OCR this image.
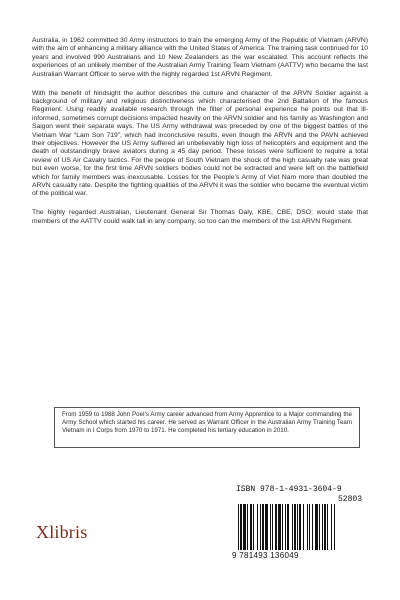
Australia, in 1962 committed 30 Army instructors to train the emerging Army of the Republic of Vietnam (ARVN) with the aim of enhancing a military alliance with the United States of America. The training task continued for 10 years and involved 990 Australians and 10 New Zealanders as the war escalated. This account reflects the experiences of an unlikely member of the Australian Army Training Team Vietnam (AATTV) who became the last Australian Warrant Officer to serve with the highly regarded 1st ARVN Regiment.

With the benefit of hindsight the author describes the culture and character of the ARVN Soldier against a background of military and religious distinctiveness which characterised the 2nd Battalion of the famous Regiment. Using readily available research through the filter of personal experience he points out that ill-informed, sometimes corrupt decisions impacted heavily on the ARVN soldier and his family as Washington and Saigon went their separate ways. The US Army withdrawal was preceded by one of the biggest battles of the Vietnam War “Lam Son 719”, which had inconclusive results, even though the ARVN and the PAVN achieved their objectives. However the US Army suffered an unbelievably high loss of helicopters and equipment and the death of outstandingly brave aviators during a 45 day period. These losses were sufficient to require a total review of US Air Cavalry tactics. For the people of South Vietnam the shock of the high casualty rate was great but even worse, for the first time ARVN soldiers bodies could not be extracted and were left on the battlefield which for family members was inexcusable. Losses for the People’s Army of Viet Nam more than doubled the ARVN casualty rate. Despite the fighting qualities of the ARVN it was the soldier who became the eventual victim of the political war.

The highly regarded Australian, Lieutenant General Sir Thomas Daly, KBE, CBE, DSO; would state that members of the AATTV could walk tall in any company, so too can the members of the 1st ARVN Regiment.

From 1959 to 1988 John Poel’s Army career advanced from Army Apprentice to a Major commanding the Army School which started his career. He served as Warrant Officer in the Australian Army Training Team Vietnam in I Corps from 1970 to 1971. He completed his tertiary education in 2010.
Xlibris
ISBN 978-1-4931-3604-9
52803
9 781493 136049
